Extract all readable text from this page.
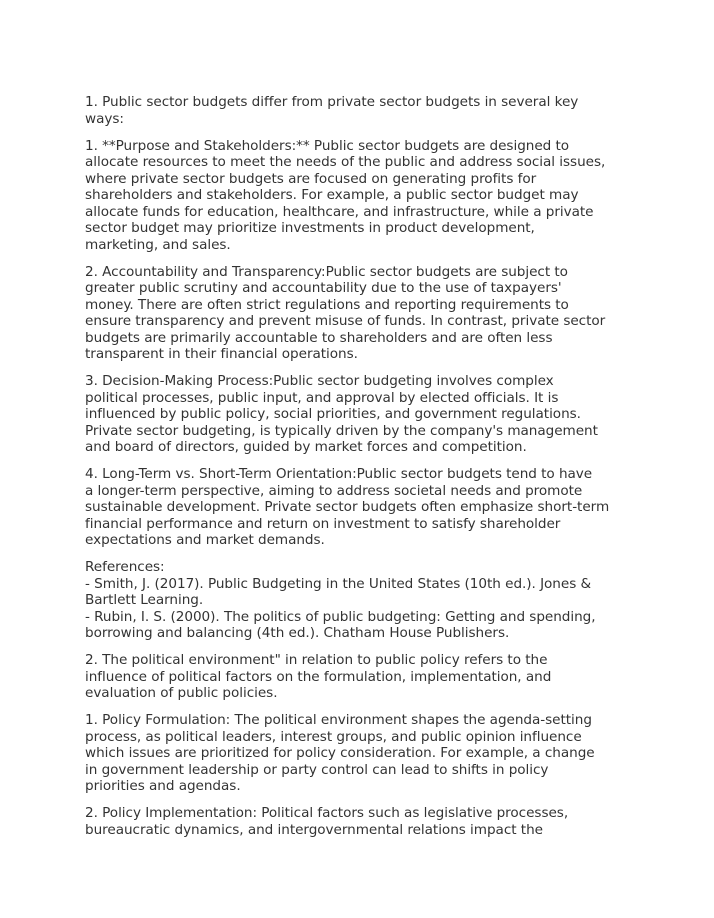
1. Public sector budgets differ from private sector budgets in several key
ways:

1. **Purpose and Stakeholders:** Public sector budgets are designed to
allocate resources to meet the needs of the public and address social issues,
where private sector budgets are focused on generating profits for
shareholders and stakeholders. For example, a public sector budget may
allocate funds for education, healthcare, and infrastructure, while a private
sector budget may prioritize investments in product development,
marketing, and sales.

2. Accountability and Transparency:Public sector budgets are subject to
greater public scrutiny and accountability due to the use of taxpayers'
money. There are often strict regulations and reporting requirements to
ensure transparency and prevent misuse of funds. In contrast, private sector
budgets are primarily accountable to shareholders and are often less
transparent in their financial operations.

3. Decision-Making Process:Public sector budgeting involves complex
political processes, public input, and approval by elected officials. It is
influenced by public policy, social priorities, and government regulations.
Private sector budgeting, is typically driven by the company's management
and board of directors, guided by market forces and competition.

4. Long-Term vs. Short-Term Orientation:Public sector budgets tend to have
a longer-term perspective, aiming to address societal needs and promote
sustainable development. Private sector budgets often emphasize short-term
financial performance and return on investment to satisfy shareholder
expectations and market demands.

References:
- Smith, J. (2017). Public Budgeting in the United States (10th ed.). Jones &
Bartlett Learning.
- Rubin, I. S. (2000). The politics of public budgeting: Getting and spending,
borrowing and balancing (4th ed.). Chatham House Publishers.

2. The political environment" in relation to public policy refers to the
influence of political factors on the formulation, implementation, and
evaluation of public policies.

1. Policy Formulation: The political environment shapes the agenda-setting
process, as political leaders, interest groups, and public opinion influence
which issues are prioritized for policy consideration. For example, a change
in government leadership or party control can lead to shifts in policy
priorities and agendas.

2. Policy Implementation: Political factors such as legislative processes,
bureaucratic dynamics, and intergovernmental relations impact the
